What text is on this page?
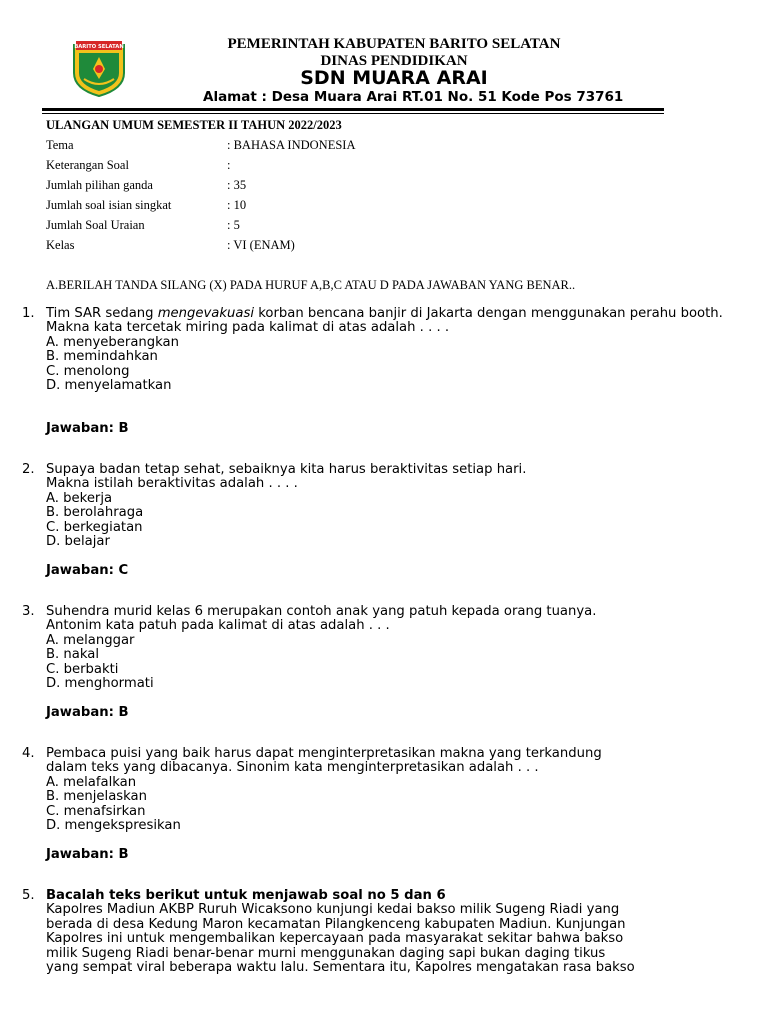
BARITO SELATAN	PEMERINTAH KABUPATEN BARITO SELATAN
DINAS PENDIDIKAN
SDN MUARA ARAI
Alamat : Desa Muara Arai RT.01 No. 51 Kode Pos 73761
ULANGAN UMUM SEMESTER II TAHUN 2022/2023
Tema	: BAHASA INDONESIA
Keterangan Soal	:
Jumlah pilihan ganda	: 35
Jumlah soal isian singkat	: 10
Jumlah Soal Uraian	: 5
Kelas	: VI (ENAM)
A.BERILAH TANDA SILANG (X) PADA HURUF A,B,C ATAU D PADA JAWABAN YANG BENAR..
1. Tim SAR sedang mengevakuasi korban bencana banjir di Jakarta dengan menggunakan perahu booth.
Makna kata tercetak miring pada kalimat di atas adalah . . . .
A. menyeberangkan
B. memindahkan
C. menolong
D. menyelamatkan
Jawaban: B
2. Supaya badan tetap sehat, sebaiknya kita harus beraktivitas setiap hari.
Makna istilah beraktivitas adalah . . . .
A. bekerja
B. berolahraga
C. berkegiatan
D. belajar
Jawaban: C
3. Suhendra murid kelas 6 merupakan contoh anak yang patuh kepada orang tuanya.
Antonim kata patuh pada kalimat di atas adalah . . .
A. melanggar
B. nakal
C. berbakti
D. menghormati
Jawaban: B
4. Pembaca puisi yang baik harus dapat menginterpretasikan makna yang terkandung
dalam teks yang dibacanya. Sinonim kata menginterpretasikan adalah . . .
A. melafalkan
B. menjelaskan
C. menafsirkan
D. mengekspresikan
Jawaban: B
5. Bacalah teks berikut untuk menjawab soal no 5 dan 6
Kapolres Madiun AKBP Ruruh Wicaksono kunjungi kedai bakso milik Sugeng Riadi yang
berada di desa Kedung Maron kecamatan Pilangkenceng kabupaten Madiun. Kunjungan
Kapolres ini untuk mengembalikan kepercayaan pada masyarakat sekitar bahwa bakso
milik Sugeng Riadi benar-benar murni menggunakan daging sapi bukan daging tikus
yang sempat viral beberapa waktu lalu. Sementara itu, Kapolres mengatakan rasa bakso
